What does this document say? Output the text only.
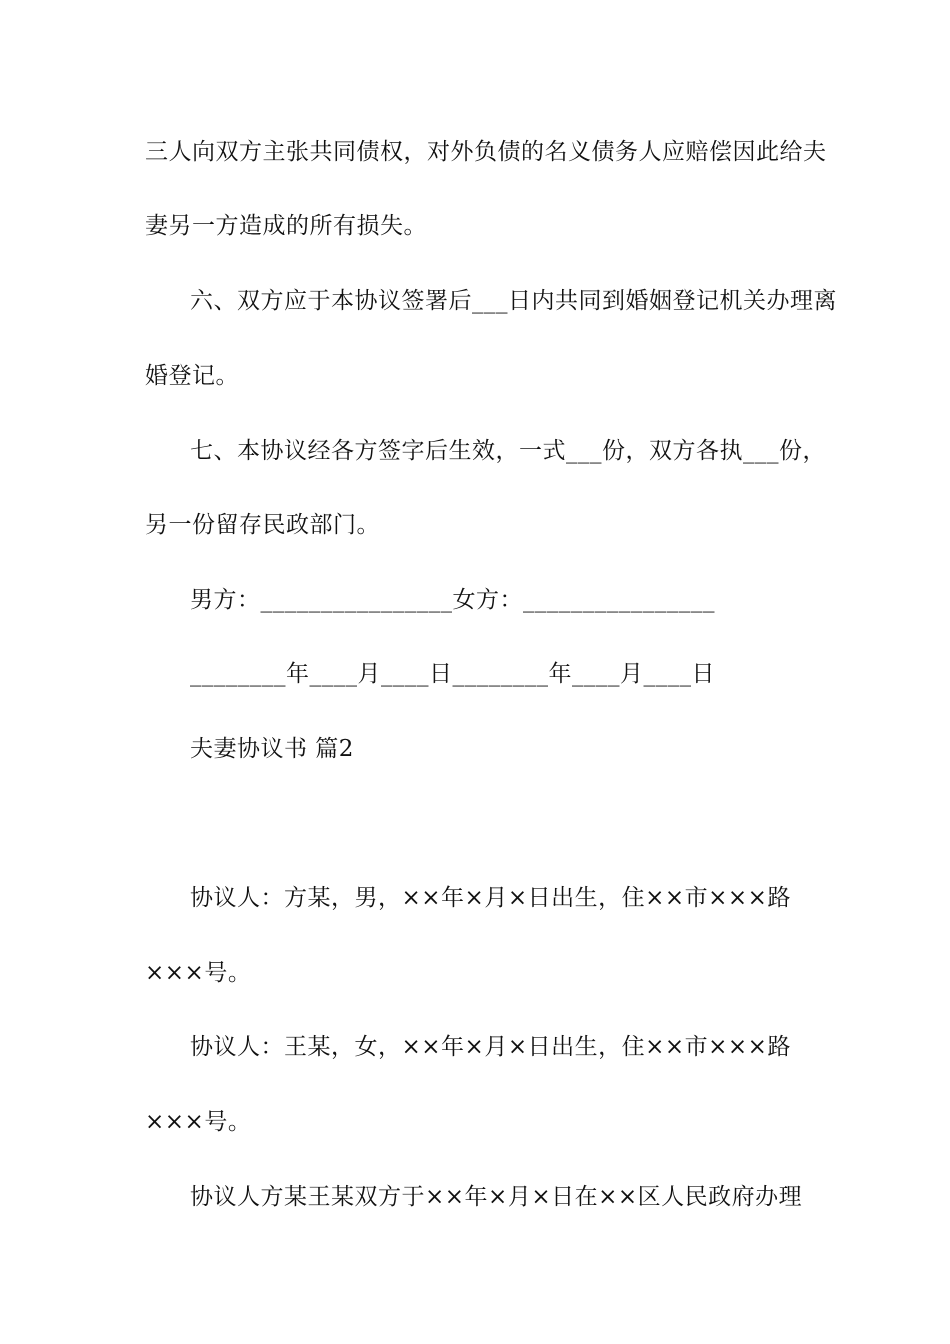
三人向双方主张共同债权，对外负债的名义债务人应赔偿因此给夫
妻另一方造成的所有损失。
六、双方应于本协议签署后___日内共同到婚姻登记机关办理离
婚登记。
七、本协议经各方签字后生效，一式___份，双方各执___份，
另一份留存民政部门。
男方：________________女方：________________
________年____月____日________年____月____日
夫妻协议书 篇2
协议人：方某，男，××年×月×日出生，住××市×××路
×××号。
协议人：王某，女，××年×月×日出生，住××市×××路
×××号。
协议人方某王某双方于××年×月×日在××区人民政府办理
